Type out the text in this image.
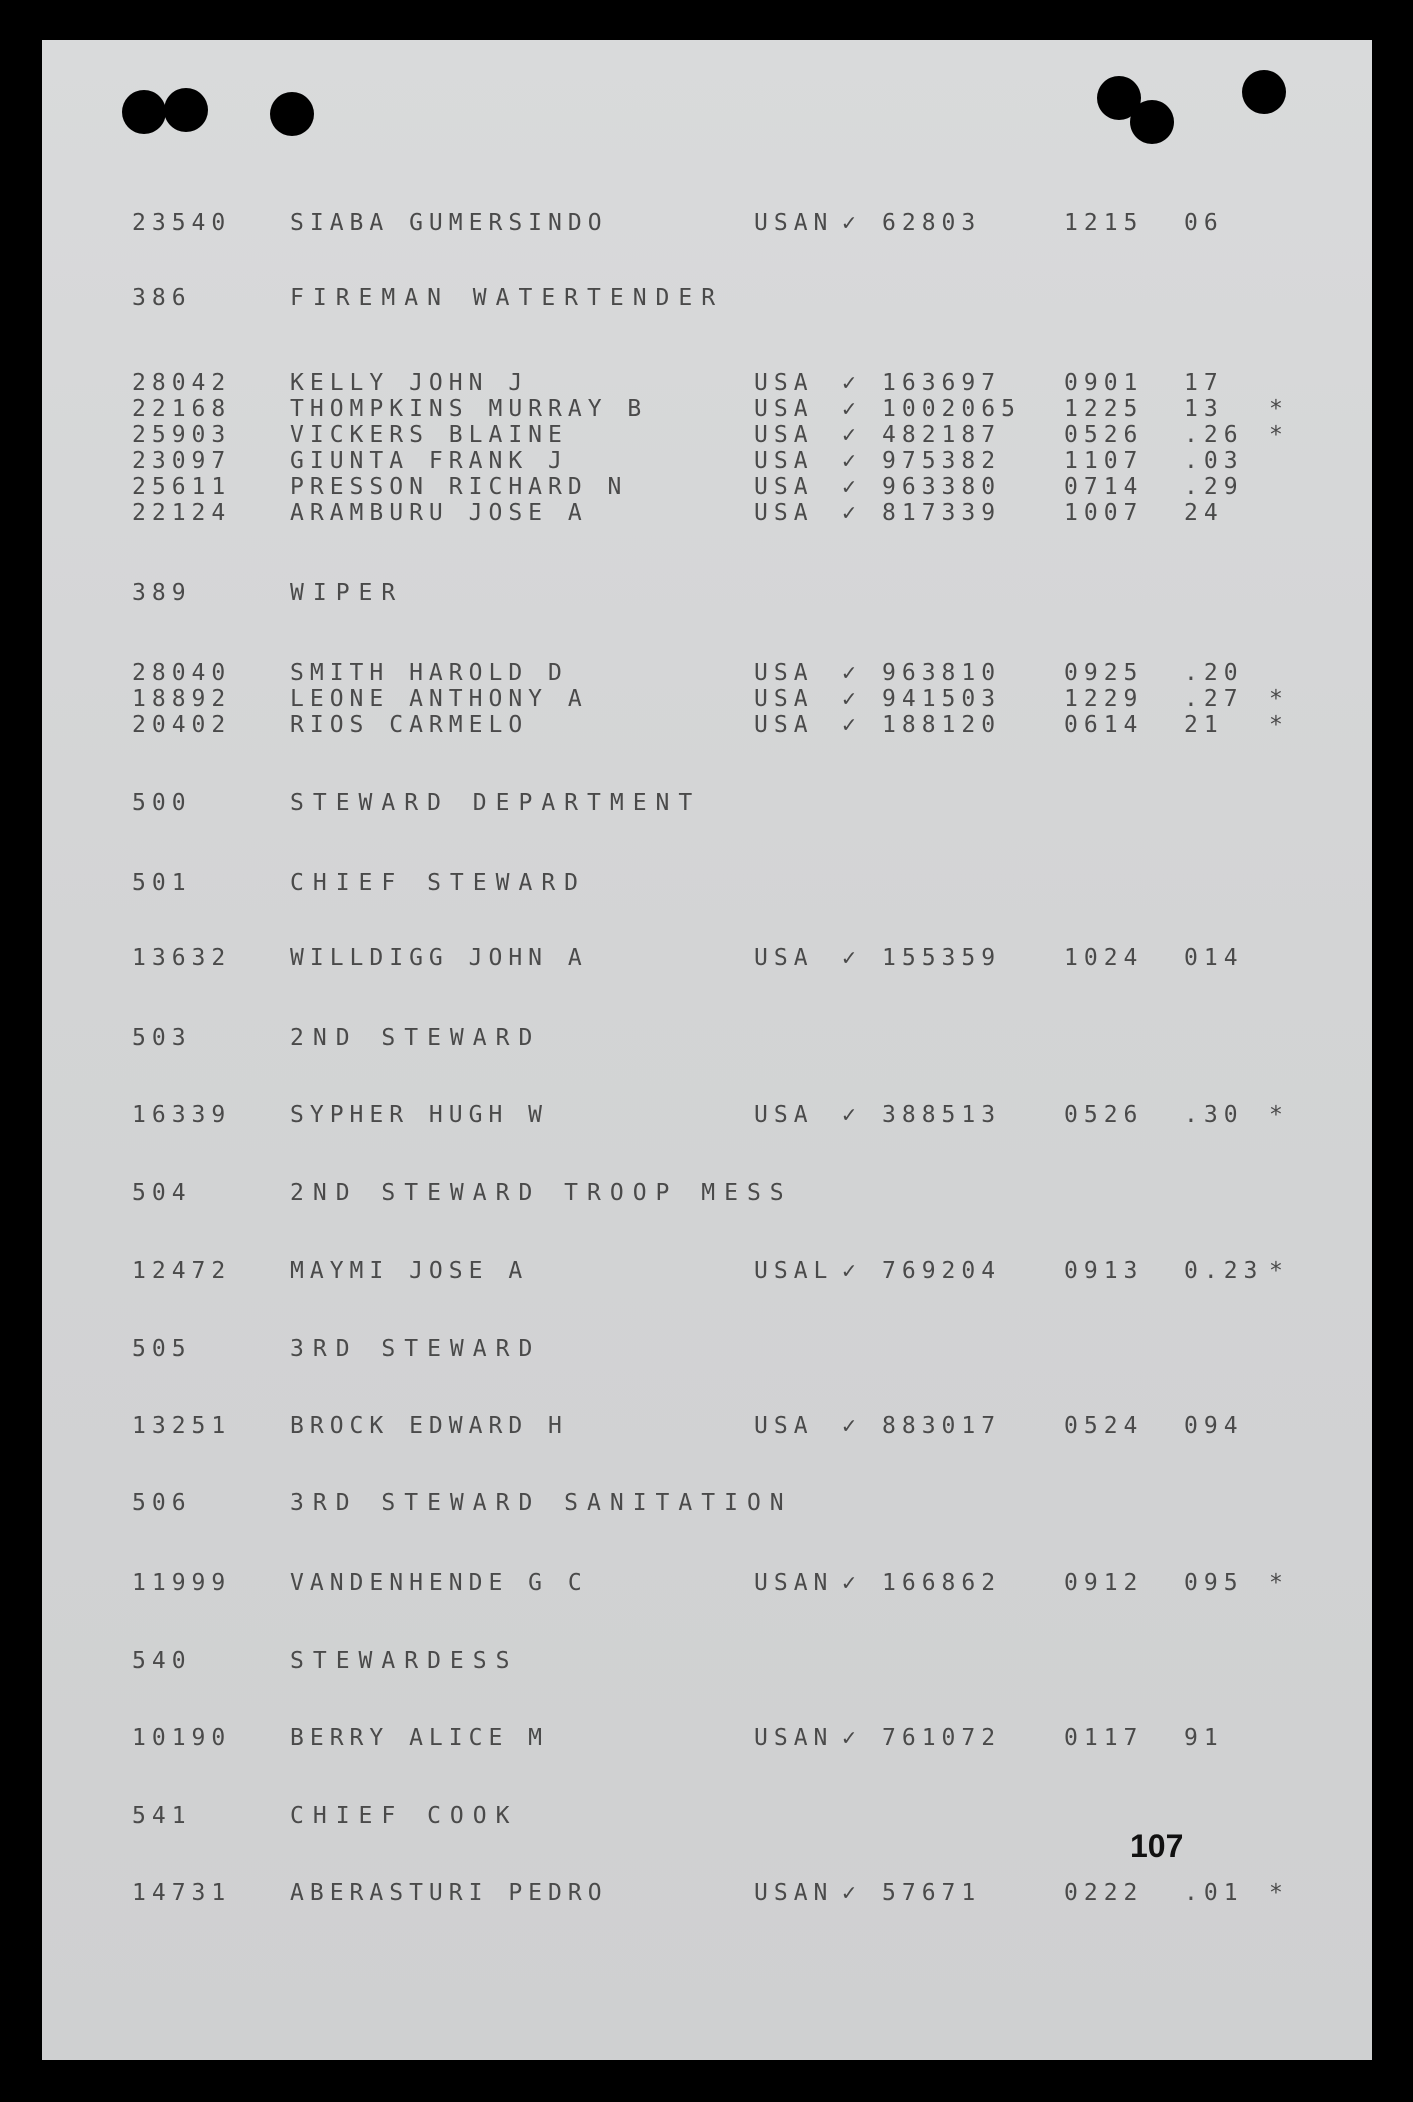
23540	SIABA GUMERSINDO	USAN ✓ 62803	1215 06
386	FIREMAN WATERTENDER
28042	KELLY JOHN J	USA ✓ 163697	0901 17
22168	THOMPKINS MURRAY B	USA ✓ 1002065 1225 13 *
25903	VICKERS BLAINE	USA ✓ 482187	0526 .26 *
23097	GIUNTA FRANK J	USA ✓ 975382	1107 .03
25611	PRESSON RICHARD N	USA ✓ 963380	0714 .29
22124	ARAMBURU JOSE A	USA ✓ 817339	1007 24
389	WIPER
28040	SMITH HAROLD D	USA ✓ 963810	0925 .20
18892	LEONE ANTHONY A	USA ✓ 941503	1229 .27 *
20402	RIOS CARMELO	USA ✓ 188120	0614 21 *
500	STEWARD DEPARTMENT
501	CHIEF STEWARD
13632	WILLDIGG JOHN A	USA ✓ 155359	1024 014
503	2ND STEWARD
16339	SYPHER HUGH W	USA ✓ 388513	0526 .30 *
504	2ND STEWARD TROOP MESS
12472	MAYMI JOSE A	USAL ✓ 769204	0913 0.23 *
505	3RD STEWARD
13251	BROCK EDWARD H	USA ✓ 883017	0524 094
506	3RD STEWARD SANITATION
11999	VANDENHENDE G C	USAN ✓ 166862	0912 095 *
540	STEWARDESS
10190	BERRY ALICE M	USAN ✓ 761072	0117 91
541	CHIEF COOK
14731	ABERASTURI PEDRO	USAN ✓ 57671	0222 .01 *
107
